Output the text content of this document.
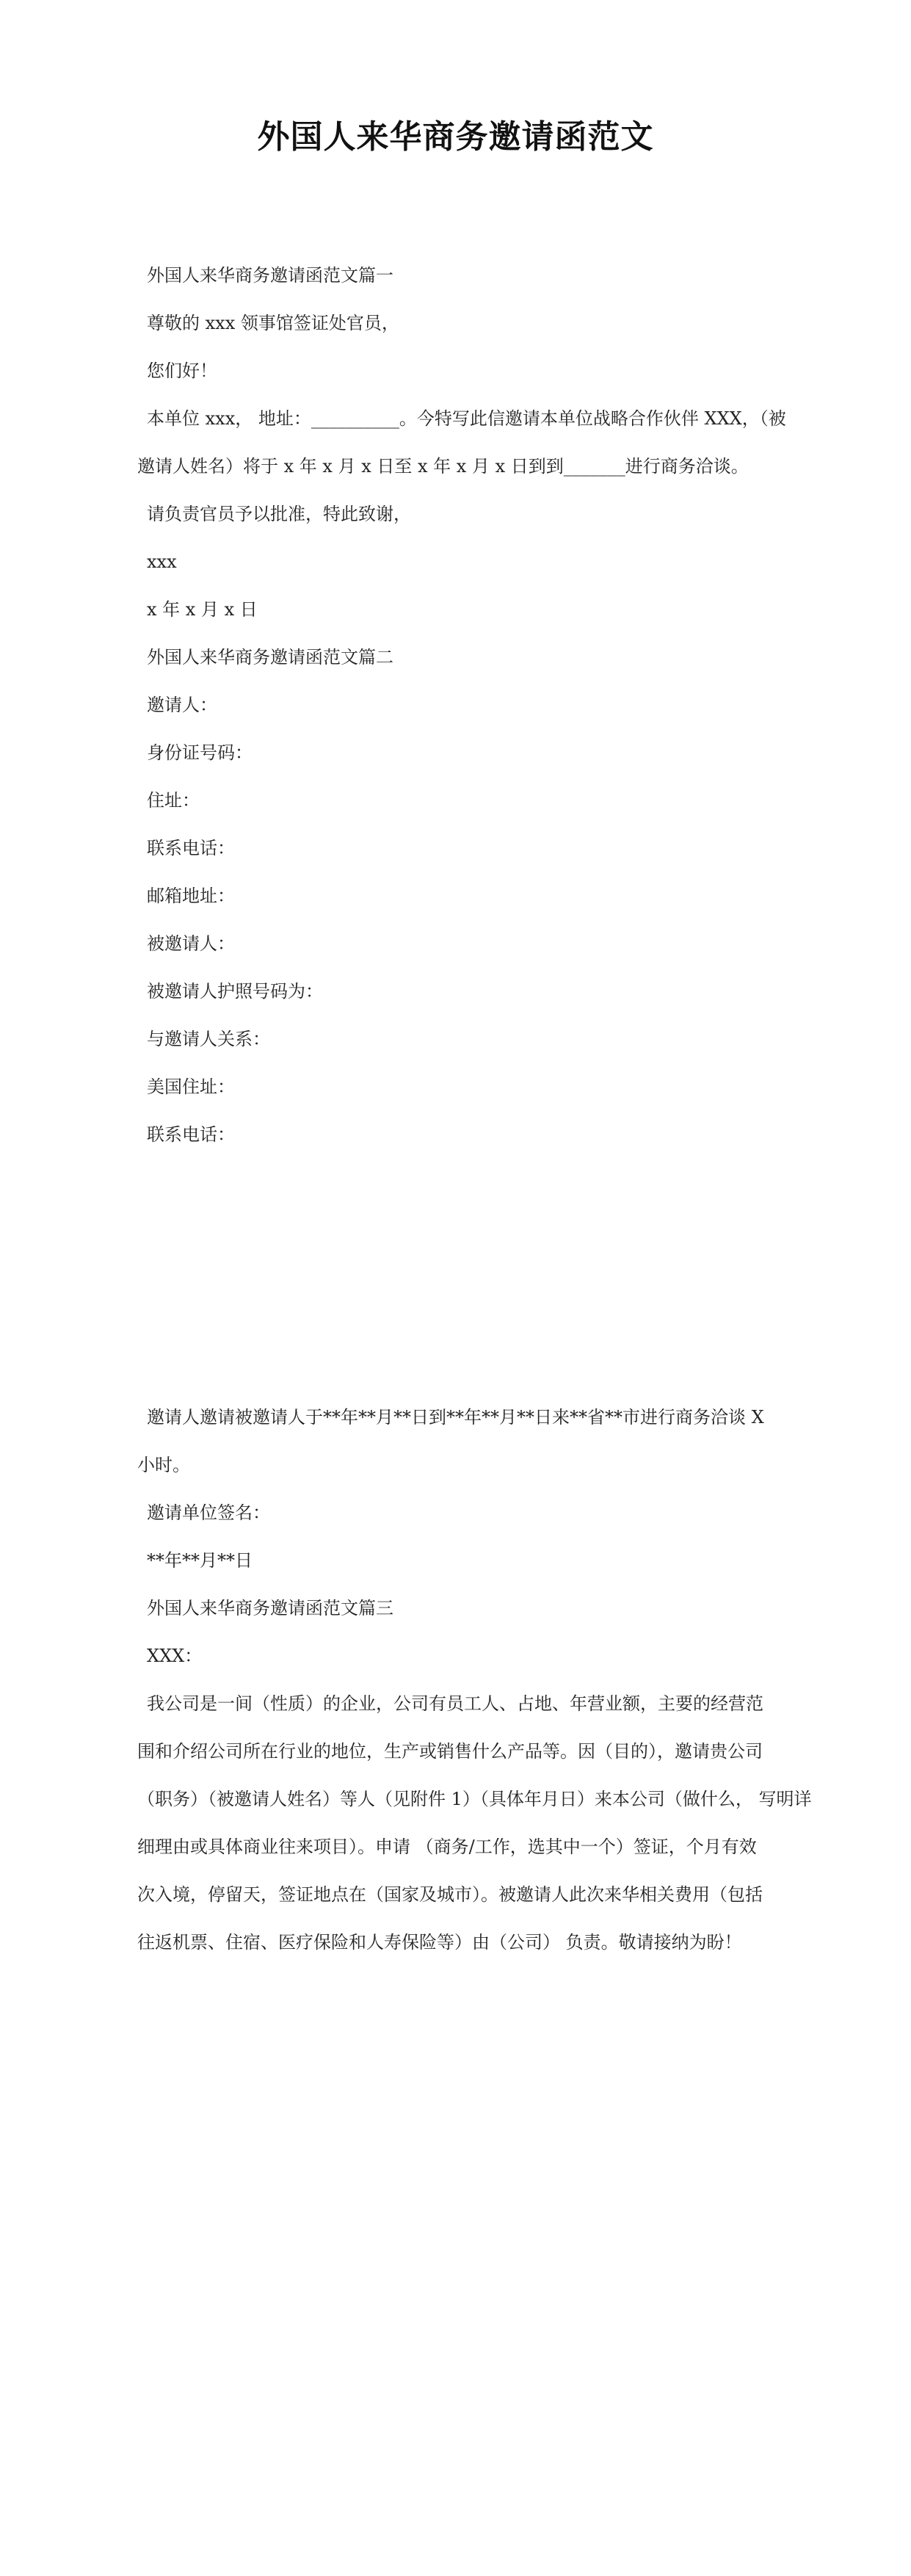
外国人来华商务邀请函范文
外国人来华商务邀请函范文篇一
尊敬的 xxx 领事馆签证处官员，
您们好！
本单位 xxx， 地址：__________。今特写此信邀请本单位战略合作伙伴 XXX，（被
邀请人姓名）将于 x 年 x 月 x 日至 x 年 x 月 x 日到到_______进行商务洽谈。
请负责官员予以批准，特此致谢，
xxx
x 年 x 月 x 日
外国人来华商务邀请函范文篇二
邀请人：
身份证号码：
住址：
联系电话：
邮箱地址：
被邀请人：
被邀请人护照号码为：
与邀请人关系：
美国住址：
联系电话：
邀请人邀请被邀请人于**年**月**日到**年**月**日来**省**市进行商务洽谈 X
小时。
邀请单位签名：
**年**月**日
外国人来华商务邀请函范文篇三
XXX：
我公司是一间（性质）的企业，公司有员工人、占地、年营业额，主要的经营范
围和介绍公司所在行业的地位，生产或销售什么产品等。因（目的），邀请贵公司
（职务）（被邀请人姓名）等人（见附件 1）（具体年月日）来本公司（做什么， 写明详
细理由或具体商业往来项目）。申请 （商务/工作，选其中一个）签证，个月有效
次入境，停留天，签证地点在（国家及城市）。被邀请人此次来华相关费用（包括
往返机票、住宿、医疗保险和人寿保险等）由（公司） 负责。敬请接纳为盼！
